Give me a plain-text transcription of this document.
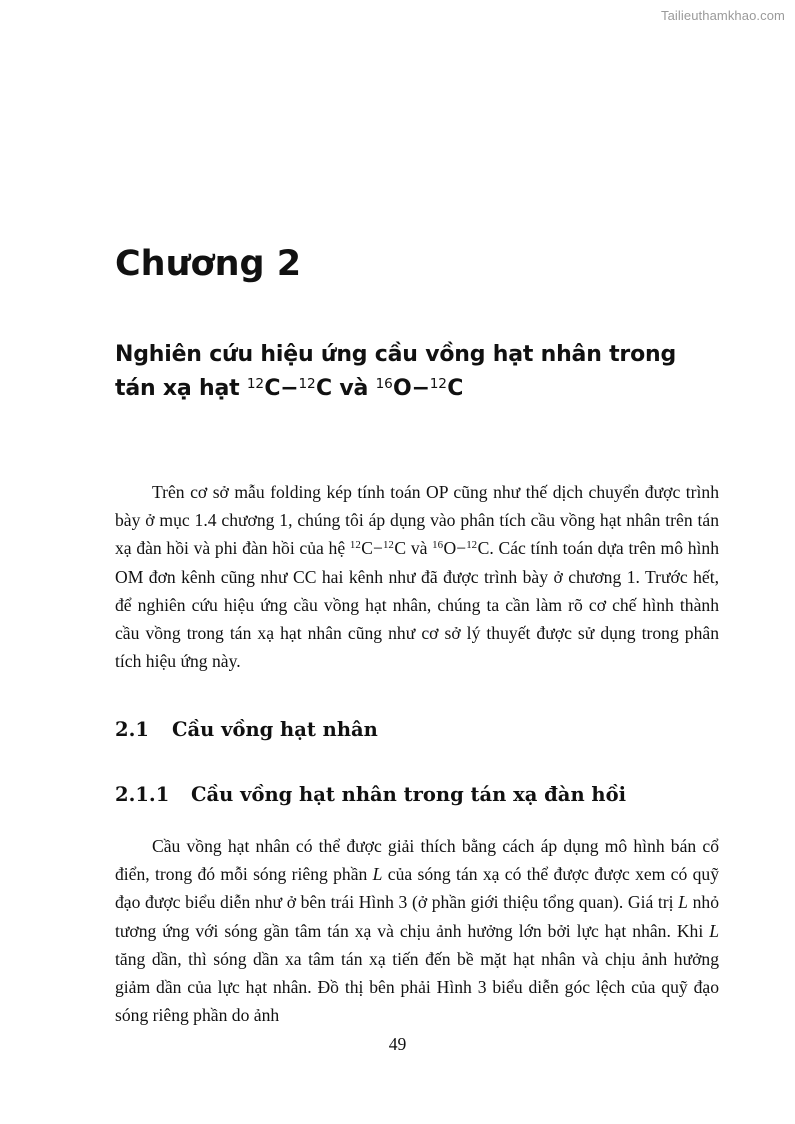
Tailieuthamkhao.com
Chương 2
Nghiên cứu hiệu ứng cầu vồng hạt nhân trong tán xạ hạt $^{12}$C−$^{12}$C và $^{16}$O−$^{12}$C

Trên cơ sở mẫu folding kép tính toán OP cũng như thế dịch chuyển được trình bày ở mục 1.4 chương 1, chúng tôi áp dụng vào phân tích cầu vồng hạt nhân trên tán xạ đàn hồi và phi đàn hồi của hệ $^{12}$C−$^{12}$C và $^{16}$O−$^{12}$C. Các tính toán dựa trên mô hình OM đơn kênh cũng như CC hai kênh như đã được trình bày ở chương 1. Trước hết, để nghiên cứu hiệu ứng cầu vồng hạt nhân, chúng ta cần làm rõ cơ chế hình thành cầu vồng trong tán xạ hạt nhân cũng như cơ sở lý thuyết được sử dụng trong phân tích hiệu ứng này.

2.1 Cầu vồng hạt nhân
2.1.1 Cầu vồng hạt nhân trong tán xạ đàn hồi

Cầu vồng hạt nhân có thể được giải thích bằng cách áp dụng mô hình bán cổ điển, trong đó mỗi sóng riêng phần L của sóng tán xạ có thể được được xem có quỹ đạo được biểu diễn như ở bên trái Hình 3 (ở phần giới thiệu tổng quan). Giá trị L nhỏ tương ứng với sóng gần tâm tán xạ và chịu ảnh hưởng lớn bởi lực hạt nhân. Khi L tăng dần, thì sóng dần xa tâm tán xạ tiến đến bề mặt hạt nhân và chịu ảnh hưởng giảm dần của lực hạt nhân. Đồ thị bên phải Hình 3 biểu diễn góc lệch của quỹ đạo sóng riêng phần do ảnh

49
